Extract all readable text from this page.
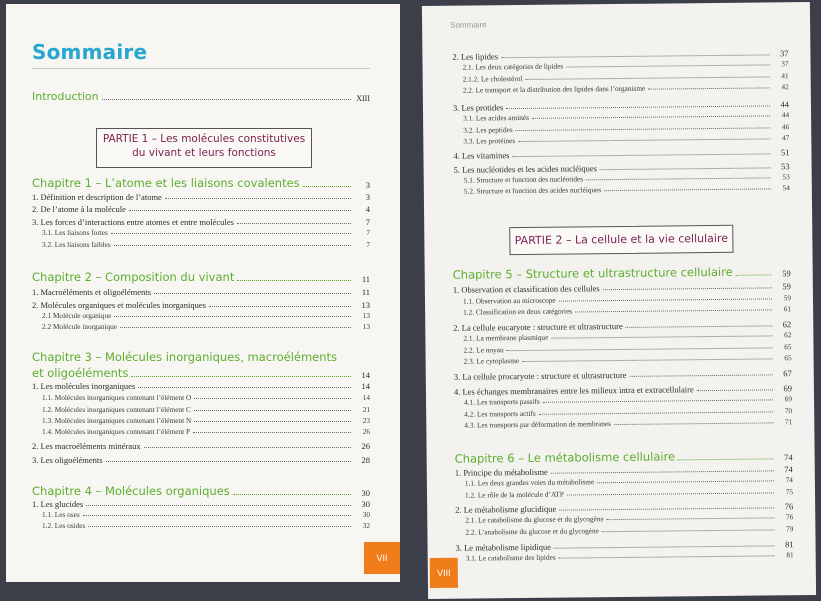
Sommaire
Introduction	XIII
PARTIE 1 – Les molécules constitutives
du vivant et leurs fonctions
Chapitre 1 – L’atome et les liaisons covalentes	3
1. Définition et description de l’atome	3
2. De l’atome à la molécule	4
3. Les forces d’interactions entre atomes et entre molécules	7
3.1. Les liaisons fortes	7
3.2. Les liaisons faibles	7
Chapitre 2 – Composition du vivant	11
1. Macroéléments et oligoéléments	11
2. Molécules organiques et molécules inorganiques	13
2.1 Molécule organique	13
2.2 Molécule inorganique	13
Chapitre 3 – Molécules inorganiques, macroéléments
et oligoéléments	14
1. Les molécules inorganiques	14
1.1. Molécules inorganiques contenant l’élément O	14
1.2. Molécules inorganiques contenant l’élément C	21
1.3. Molécules inorganiques contenant l’élément N	23
1.4. Molécules inorganiques contenant l’élément P	26
2. Les macroéléments minéraux	26
3. Les oligoéléments	28
Chapitre 4 – Molécules organiques	30
1. Les glucides	30
1.1. Les oses	30
1.2. Les osides	32
VII
Sommaire
2. Les lipides	37
2.1. Les deux catégories de lipides	37
2.1.2. Le cholestérol	41
2.2. Le transport et la distribution des lipides dans l’organisme	42
3. Les protides	44
3.1. Les acides aminés	44
3.2. Les peptides	46
3.3. Les protéines	47
4. Les vitamines	51
5. Les nucléotides et les acides nucléiques	53
5.1. Structure et fonction des nucléotides	53
5.2. Structure et fonction des acides nucléiques	54
PARTIE 2 – La cellule et la vie cellulaire
Chapitre 5 – Structure et ultrastructure cellulaire	59
1. Observation et classification des cellules	59
1.1. Observation au microscope	59
1.2. Classification en deux catégories	61
2. La cellule eucaryote : structure et ultrastructure	62
2.1. La membrane plasmique	62
2.2. Le noyau	65
2.3. Le cytoplasme	65
3. La cellule procaryote : structure et ultrastructure	67
4. Les échanges membranaires entre les milieux intra et extracellulaire	69
4.1. Les transports passifs	69
4.2. Les transports actifs	70
4.3. Les transports par déformation de membranes	71
Chapitre 6 – Le métabolisme cellulaire	74
1. Principe du métabolisme	74
1.1. Les deux grandes voies du métabolisme	74
1.2. Le rôle de la molécule d’ATP	75
2. Le métabolisme glucidique	76
2.1. Le catabolisme du glucose et du glycogène	76
2.2. L’anabolisme du glucose et du glycogène	79
3. Le métabolisme lipidique	81
3.1. Le catabolisme des lipides	81
VIII
